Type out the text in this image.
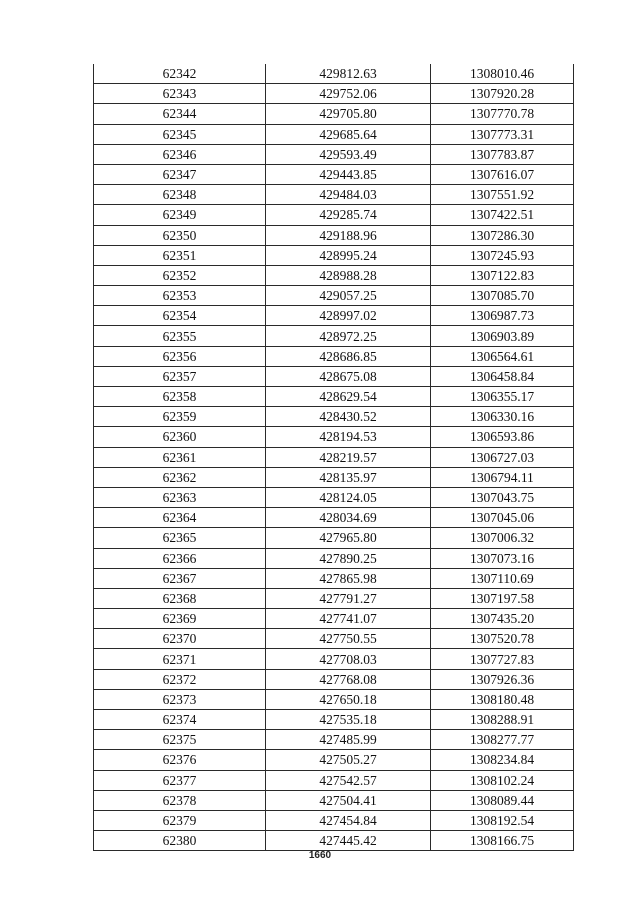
62342	429812.63	1308010.46
62343	429752.06	1307920.28
62344	429705.80	1307770.78
62345	429685.64	1307773.31
62346	429593.49	1307783.87
62347	429443.85	1307616.07
62348	429484.03	1307551.92
62349	429285.74	1307422.51
62350	429188.96	1307286.30
62351	428995.24	1307245.93
62352	428988.28	1307122.83
62353	429057.25	1307085.70
62354	428997.02	1306987.73
62355	428972.25	1306903.89
62356	428686.85	1306564.61
62357	428675.08	1306458.84
62358	428629.54	1306355.17
62359	428430.52	1306330.16
62360	428194.53	1306593.86
62361	428219.57	1306727.03
62362	428135.97	1306794.11
62363	428124.05	1307043.75
62364	428034.69	1307045.06
62365	427965.80	1307006.32
62366	427890.25	1307073.16
62367	427865.98	1307110.69
62368	427791.27	1307197.58
62369	427741.07	1307435.20
62370	427750.55	1307520.78
62371	427708.03	1307727.83
62372	427768.08	1307926.36
62373	427650.18	1308180.48
62374	427535.18	1308288.91
62375	427485.99	1308277.77
62376	427505.27	1308234.84
62377	427542.57	1308102.24
62378	427504.41	1308089.44
62379	427454.84	1308192.54
62380	427445.42	1308166.75
1660
